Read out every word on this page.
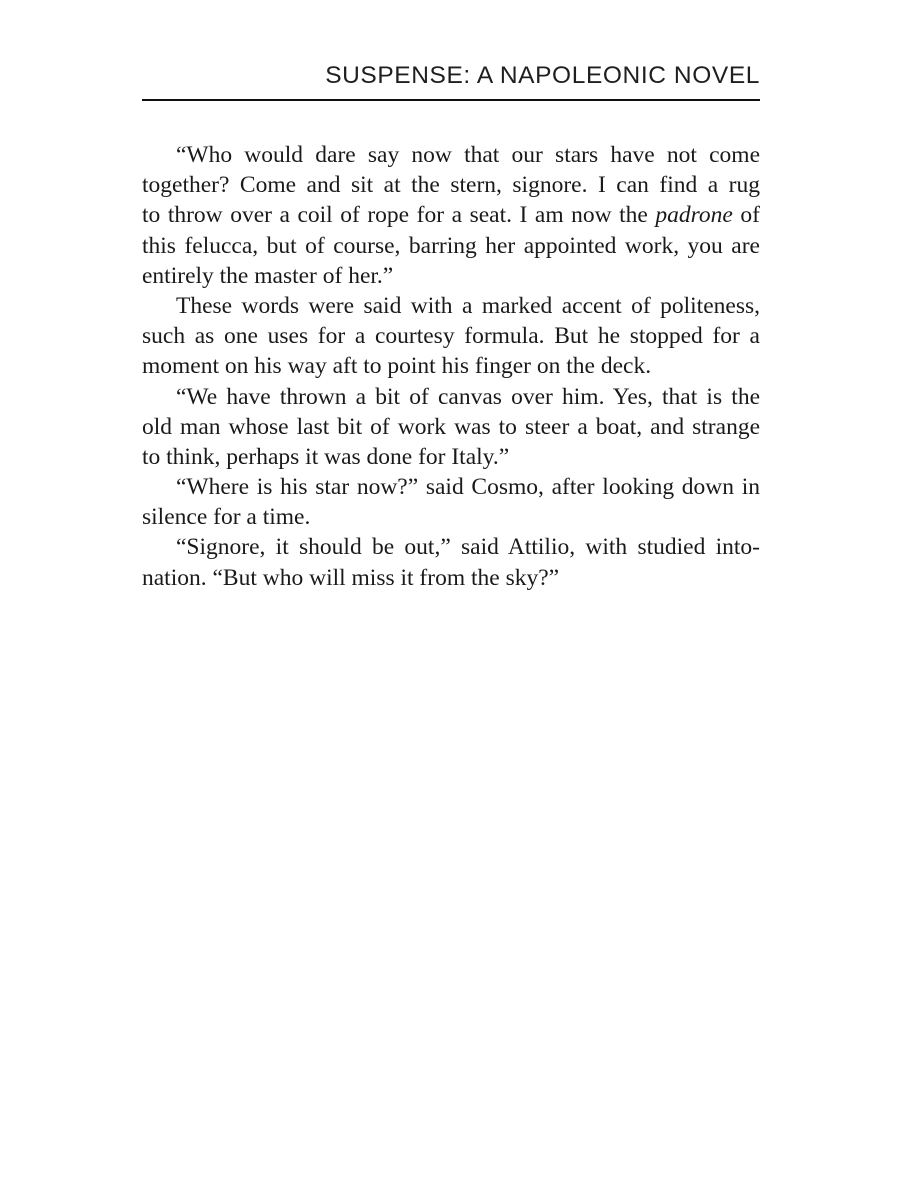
SUSPENSE: A NAPOLEONIC NOVEL
“Who would dare say now that our stars have not come
together? Come and sit at the stern, signore. I can find a rug
to throw over a coil of rope for a seat. I am now the padrone of
this felucca, but of course, barring her appointed work, you are
entirely the master of her.”
These words were said with a marked accent of politeness,
such as one uses for a courtesy formula. But he stopped for a
moment on his way aft to point his finger on the deck.
“We have thrown a bit of canvas over him. Yes, that is the
old man whose last bit of work was to steer a boat, and strange
to think, perhaps it was done for Italy.”
“Where is his star now?” said Cosmo, after looking down in
silence for a time.
“Signore, it should be out,” said Attilio, with studied into-
nation. “But who will miss it from the sky?”
